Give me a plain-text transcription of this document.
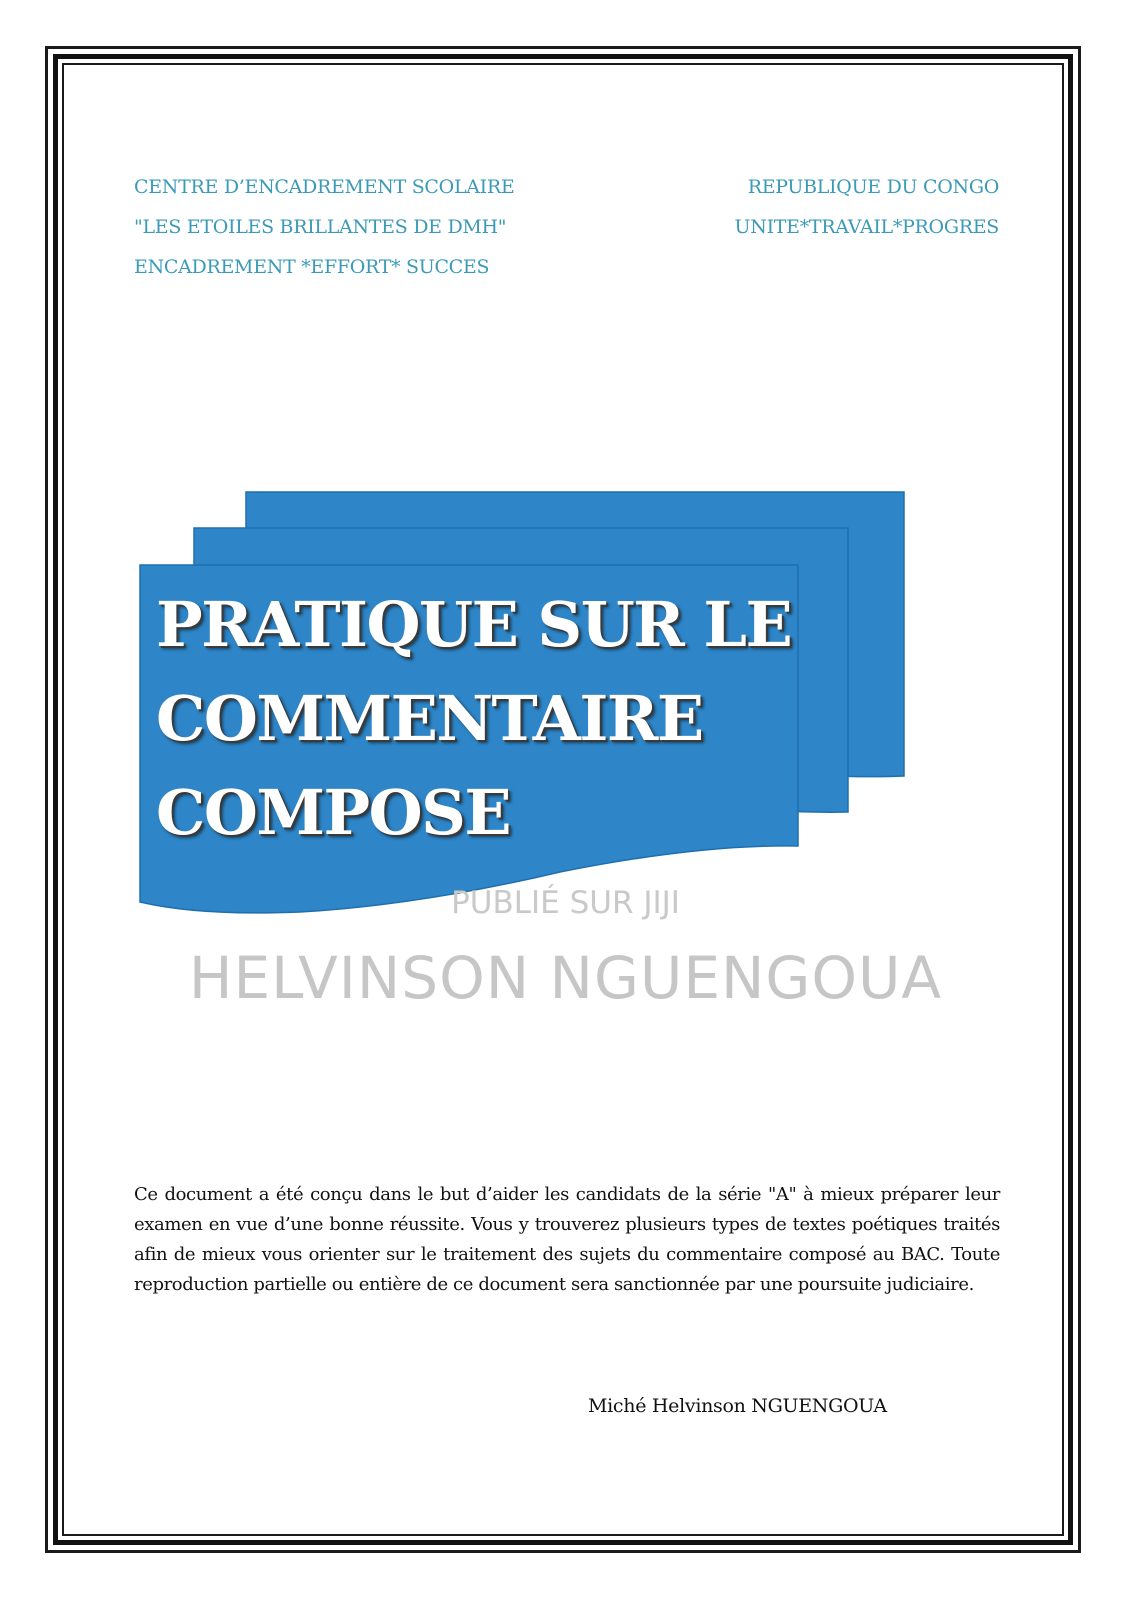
CENTRE D’ENCADREMENT SCOLAIRE
"LES ETOILES BRILLANTES DE DMH"
ENCADREMENT *EFFORT* SUCCES
REPUBLIQUE DU CONGO
UNITE*TRAVAIL*PROGRES
PRATIQUE SUR LE
COMMENTAIRE
COMPOSE
PUBLIÉ SUR JIJI
HELVINSON NGUENGOUA
Ce document a été conçu dans le but d’aider les candidats de la série "A" à mieux préparer leur examen en vue d’une bonne réussite. Vous y trouverez plusieurs types de textes poétiques traités afin de mieux vous orienter sur le traitement des sujets du commentaire composé au BAC. Toute reproduction partielle ou entière de ce document sera sanctionnée par une poursuite judiciaire.
Miché Helvinson NGUENGOUA
